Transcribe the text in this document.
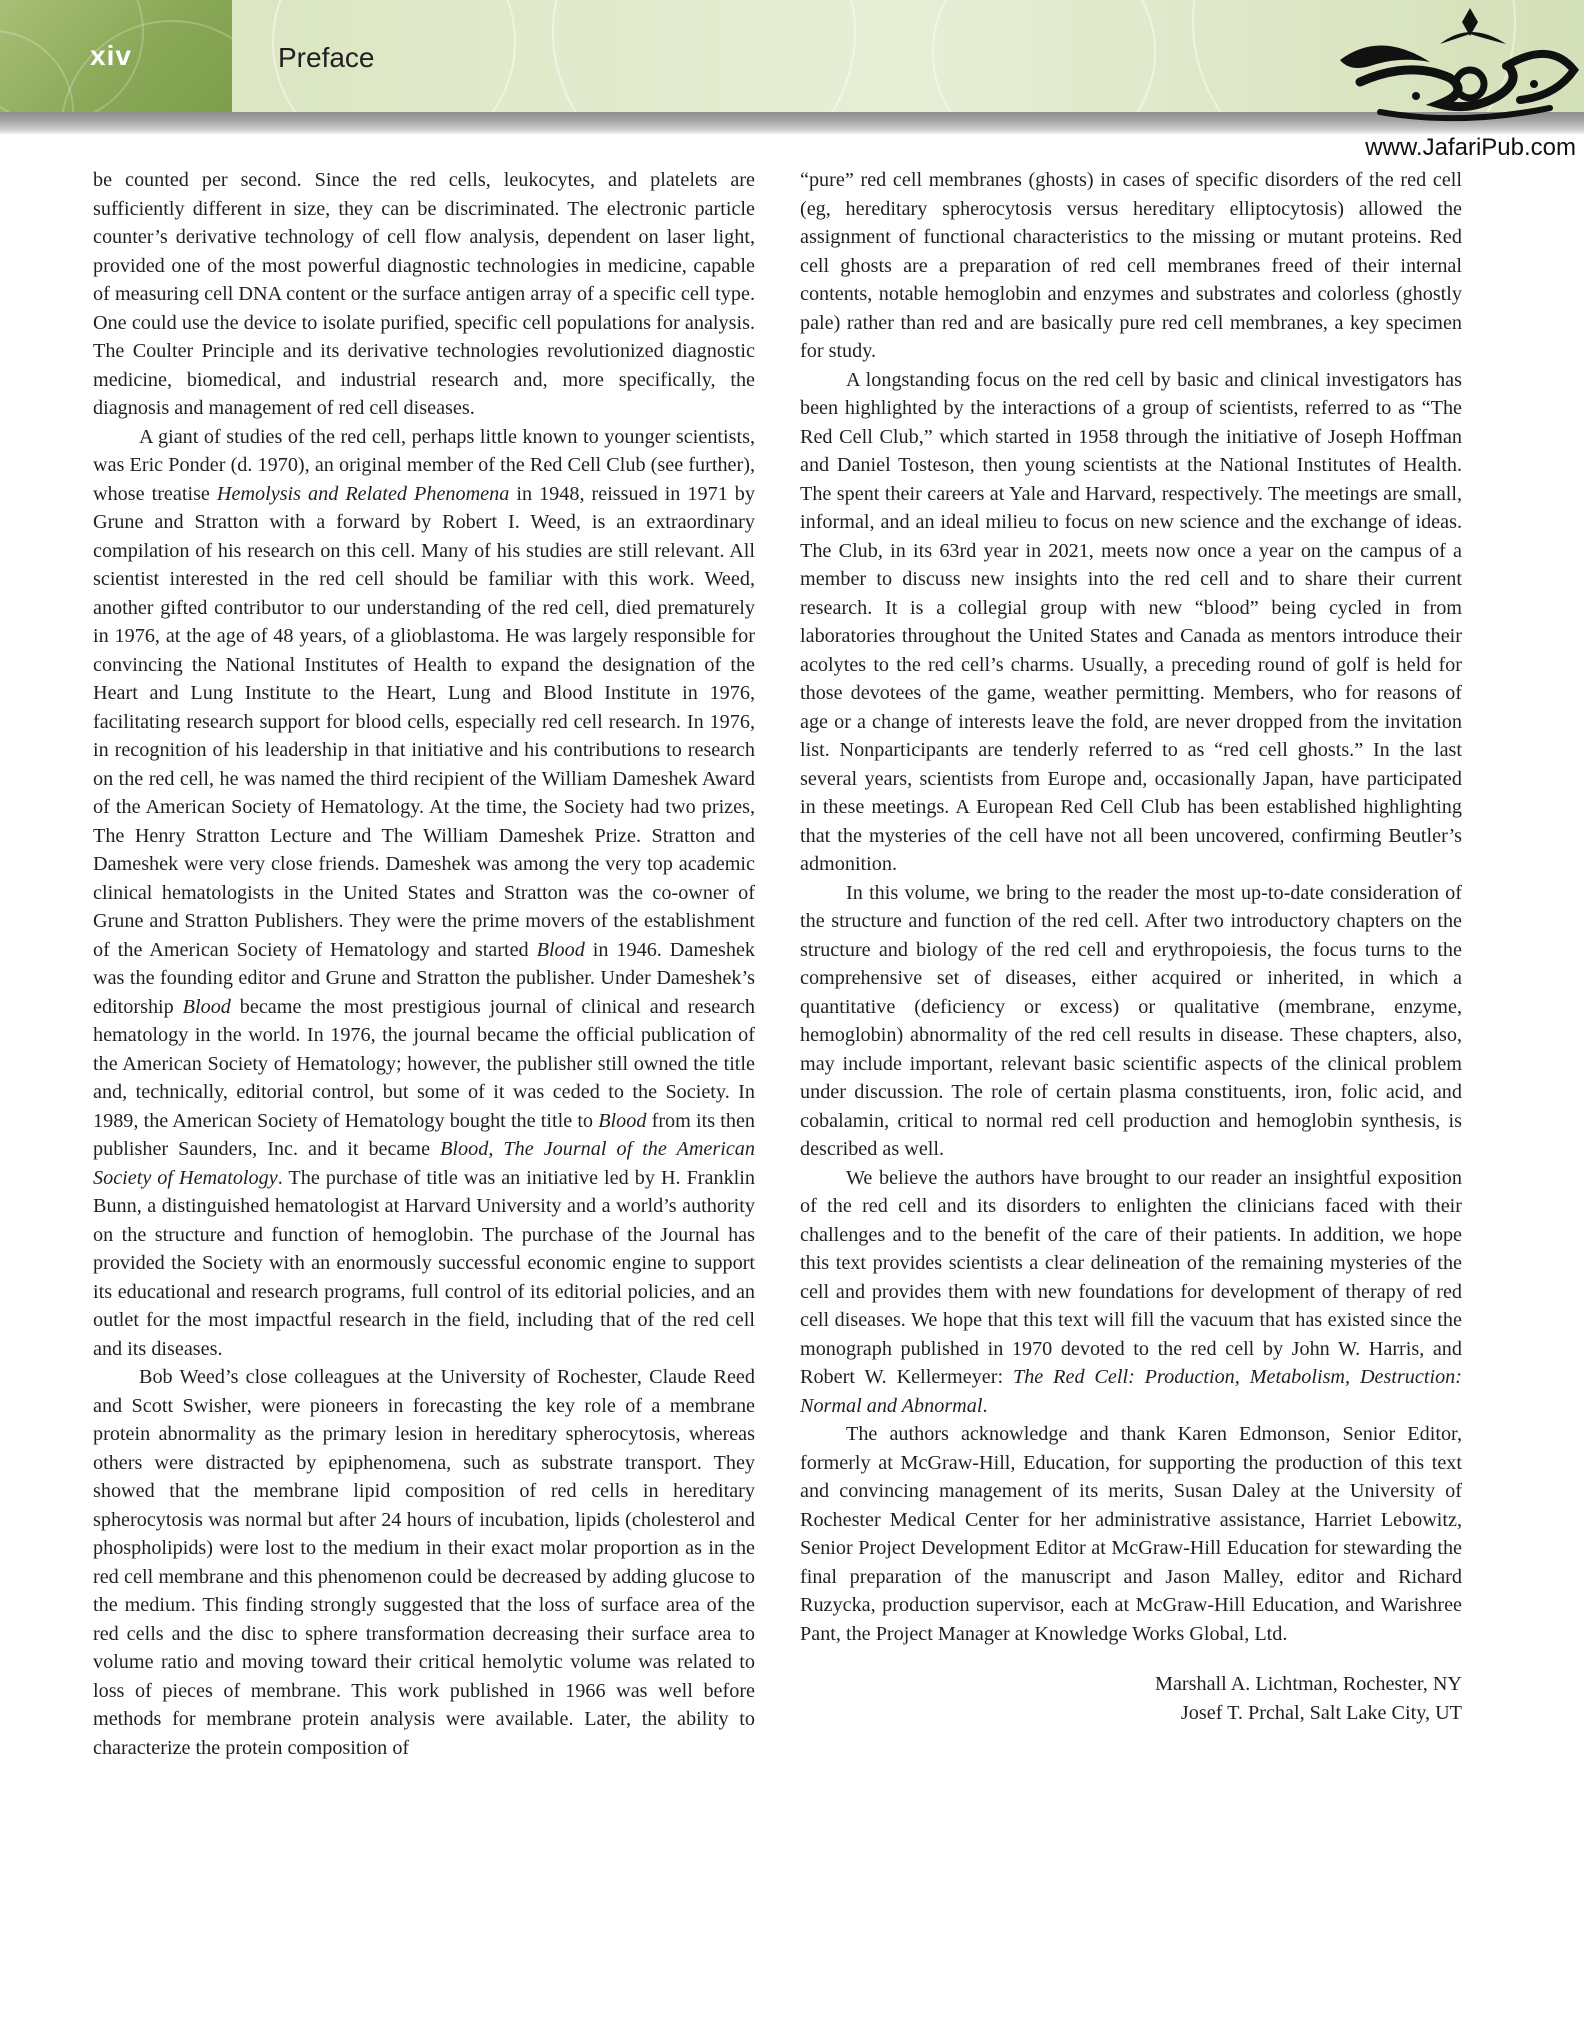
xiv	Preface
www.JafariPub.com

be counted per second. Since the red cells, leukocytes, and platelets are sufficiently different in size, they can be discriminated. The electronic particle counter’s derivative technology of cell flow analysis, dependent on laser light, provided one of the most powerful diagnostic technologies in medicine, capable of measuring cell DNA content or the surface antigen array of a specific cell type. One could use the device to isolate purified, specific cell populations for analysis. The Coulter Principle and its derivative technologies revolutionized diagnostic medicine, biomedical, and industrial research and, more specifically, the diagnosis and management of red cell diseases.

A giant of studies of the red cell, perhaps little known to younger scientists, was Eric Ponder (d. 1970), an original member of the Red Cell Club (see further), whose treatise Hemolysis and Related Phenomena in 1948, reissued in 1971 by Grune and Stratton with a forward by Robert I. Weed, is an extraordinary compilation of his research on this cell. Many of his studies are still relevant. All scientist interested in the red cell should be familiar with this work. Weed, another gifted contributor to our understanding of the red cell, died prematurely in 1976, at the age of 48 years, of a glioblastoma. He was largely responsible for convincing the National Institutes of Health to expand the designation of the Heart and Lung Institute to the Heart, Lung and Blood Institute in 1976, facilitating research support for blood cells, especially red cell research. In 1976, in recognition of his leadership in that initiative and his contributions to research on the red cell, he was named the third recipient of the William Dameshek Award of the American Society of Hematology. At the time, the Society had two prizes, The Henry Stratton Lecture and The William Dameshek Prize. Stratton and Dameshek were very close friends. Dameshek was among the very top academic clinical hematologists in the United States and Stratton was the co-owner of Grune and Stratton Publishers. They were the prime movers of the establishment of the American Society of Hematology and started Blood in 1946. Dameshek was the founding editor and Grune and Stratton the publisher. Under Dameshek’s editorship Blood became the most prestigious journal of clinical and research hematology in the world. In 1976, the journal became the official publication of the American Society of Hematology; however, the publisher still owned the title and, technically, editorial control, but some of it was ceded to the Society. In 1989, the American Society of Hematology bought the title to Blood from its then publisher Saunders, Inc. and it became Blood, The Journal of the American Society of Hematology. The purchase of title was an initiative led by H. Franklin Bunn, a distinguished hematologist at Harvard University and a world’s authority on the structure and function of hemoglobin. The purchase of the Journal has provided the Society with an enormously successful economic engine to support its educational and research programs, full control of its editorial policies, and an outlet for the most impactful research in the field, including that of the red cell and its diseases.

Bob Weed’s close colleagues at the University of Rochester, Claude Reed and Scott Swisher, were pioneers in forecasting the key role of a membrane protein abnormality as the primary lesion in hereditary spherocytosis, whereas others were distracted by epiphenomena, such as substrate transport. They showed that the membrane lipid composition of red cells in hereditary spherocytosis was normal but after 24 hours of incubation, lipids (cholesterol and phospholipids) were lost to the medium in their exact molar proportion as in the red cell membrane and this phenomenon could be decreased by adding glucose to the medium. This finding strongly suggested that the loss of surface area of the red cells and the disc to sphere transformation decreasing their surface area to volume ratio and moving toward their critical hemolytic volume was related to loss of pieces of membrane. This work published in 1966 was well before methods for membrane protein analysis were available. Later, the ability to characterize the protein composition of

“pure” red cell membranes (ghosts) in cases of specific disorders of the red cell (eg, hereditary spherocytosis versus hereditary elliptocytosis) allowed the assignment of functional characteristics to the missing or mutant proteins. Red cell ghosts are a preparation of red cell membranes freed of their internal contents, notable hemoglobin and enzymes and substrates and colorless (ghostly pale) rather than red and are basically pure red cell membranes, a key specimen for study.

A longstanding focus on the red cell by basic and clinical investigators has been highlighted by the interactions of a group of scientists, referred to as “The Red Cell Club,” which started in 1958 through the initiative of Joseph Hoffman and Daniel Tosteson, then young scientists at the National Institutes of Health. The spent their careers at Yale and Harvard, respectively. The meetings are small, informal, and an ideal milieu to focus on new science and the exchange of ideas. The Club, in its 63rd year in 2021, meets now once a year on the campus of a member to discuss new insights into the red cell and to share their current research. It is a collegial group with new “blood” being cycled in from laboratories throughout the United States and Canada as mentors introduce their acolytes to the red cell’s charms. Usually, a preceding round of golf is held for those devotees of the game, weather permitting. Members, who for reasons of age or a change of interests leave the fold, are never dropped from the invitation list. Nonparticipants are tenderly referred to as “red cell ghosts.” In the last several years, scientists from Europe and, occasionally Japan, have participated in these meetings. A European Red Cell Club has been established highlighting that the mysteries of the cell have not all been uncovered, confirming Beutler’s admonition.

In this volume, we bring to the reader the most up-to-date consideration of the structure and function of the red cell. After two introductory chapters on the structure and biology of the red cell and erythropoiesis, the focus turns to the comprehensive set of diseases, either acquired or inherited, in which a quantitative (deficiency or excess) or qualitative (membrane, enzyme, hemoglobin) abnormality of the red cell results in disease. These chapters, also, may include important, relevant basic scientific aspects of the clinical problem under discussion. The role of certain plasma constituents, iron, folic acid, and cobalamin, critical to normal red cell production and hemoglobin synthesis, is described as well.

We believe the authors have brought to our reader an insightful exposition of the red cell and its disorders to enlighten the clinicians faced with their challenges and to the benefit of the care of their patients. In addition, we hope this text provides scientists a clear delineation of the remaining mysteries of the cell and provides them with new foundations for development of therapy of red cell diseases. We hope that this text will fill the vacuum that has existed since the monograph published in 1970 devoted to the red cell by John W. Harris, and Robert W. Kellermeyer: The Red Cell: Production, Metabolism, Destruction: Normal and Abnormal.

The authors acknowledge and thank Karen Edmonson, Senior Editor, formerly at McGraw-Hill, Education, for supporting the production of this text and convincing management of its merits, Susan Daley at the University of Rochester Medical Center for her administrative assistance, Harriet Lebowitz, Senior Project Development Editor at McGraw-Hill Education for stewarding the final preparation of the manuscript and Jason Malley, editor and Richard Ruzycka, production supervisor, each at McGraw-Hill Education, and Warishree Pant, the Project Manager at Knowledge Works Global, Ltd.

Marshall A. Lichtman, Rochester, NY
Josef T. Prchal, Salt Lake City, UT
